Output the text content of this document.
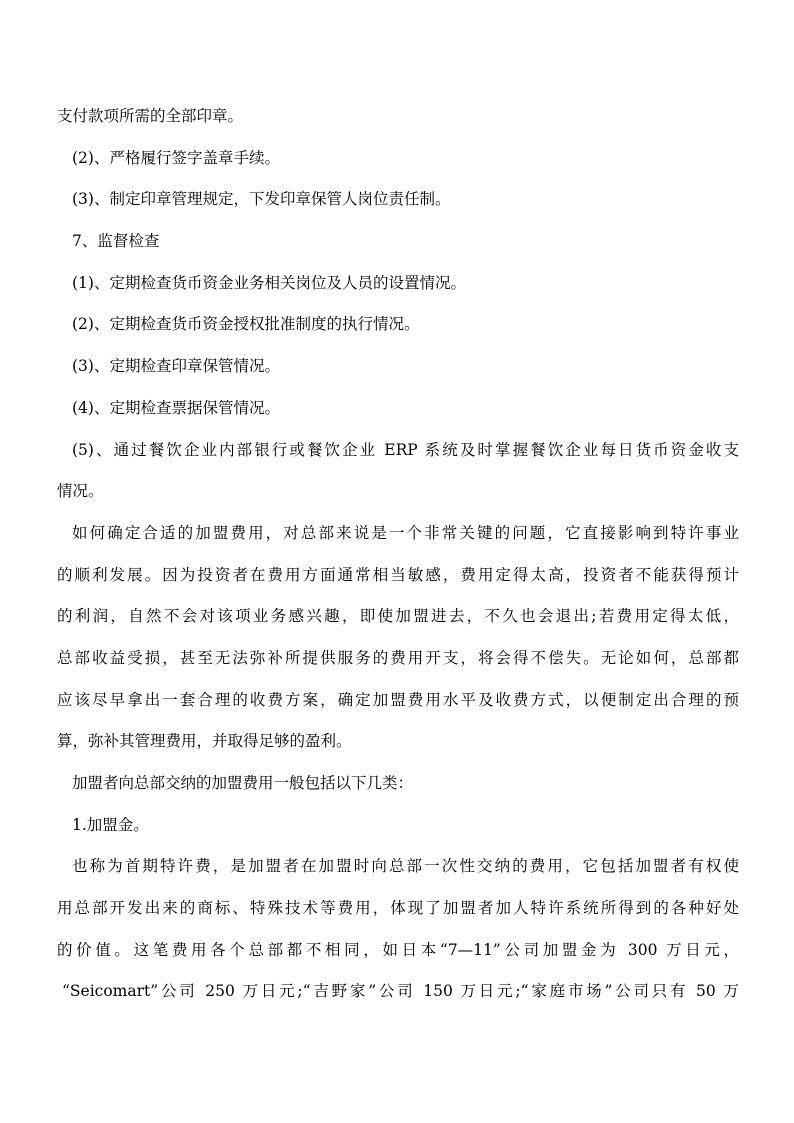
支付款项所需的全部印章。
(2)、严格履行签字盖章手续。
(3)、制定印章管理规定，下发印章保管人岗位责任制。
7、监督检查
(1)、定期检查货币资金业务相关岗位及人员的设置情况。
(2)、定期检查货币资金授权批准制度的执行情况。
(3)、定期检查印章保管情况。
(4)、定期检查票据保管情况。
(5)、通过餐饮企业内部银行或餐饮企业 ERP 系统及时掌握餐饮企业每日货币资金收支
情况。
如何确定合适的加盟费用，对总部来说是一个非常关键的问题，它直接影响到特许事业
的顺利发展。因为投资者在费用方面通常相当敏感，费用定得太高，投资者不能获得预计
的利润，自然不会对该项业务感兴趣，即使加盟进去，不久也会退出;若费用定得太低，
总部收益受损，甚至无法弥补所提供服务的费用开支，将会得不偿失。无论如何，总部都
应该尽早拿出一套合理的收费方案，确定加盟费用水平及收费方式，以便制定出合理的预
算，弥补其管理费用，并取得足够的盈利。
加盟者向总部交纳的加盟费用一般包括以下几类：
1.加盟金。
也称为首期特许费，是加盟者在加盟时向总部一次性交纳的费用，它包括加盟者有权使
用总部开发出来的商标、特殊技术等费用，体现了加盟者加人特许系统所得到的各种好处
的价值。这笔费用各个总部都不相同，如日本“7—11”公司加盟金为 300 万日元，
“Seicomart”公司 250 万日元;“吉野家”公司 150 万日元;“家庭市场”公司只有 50 万
